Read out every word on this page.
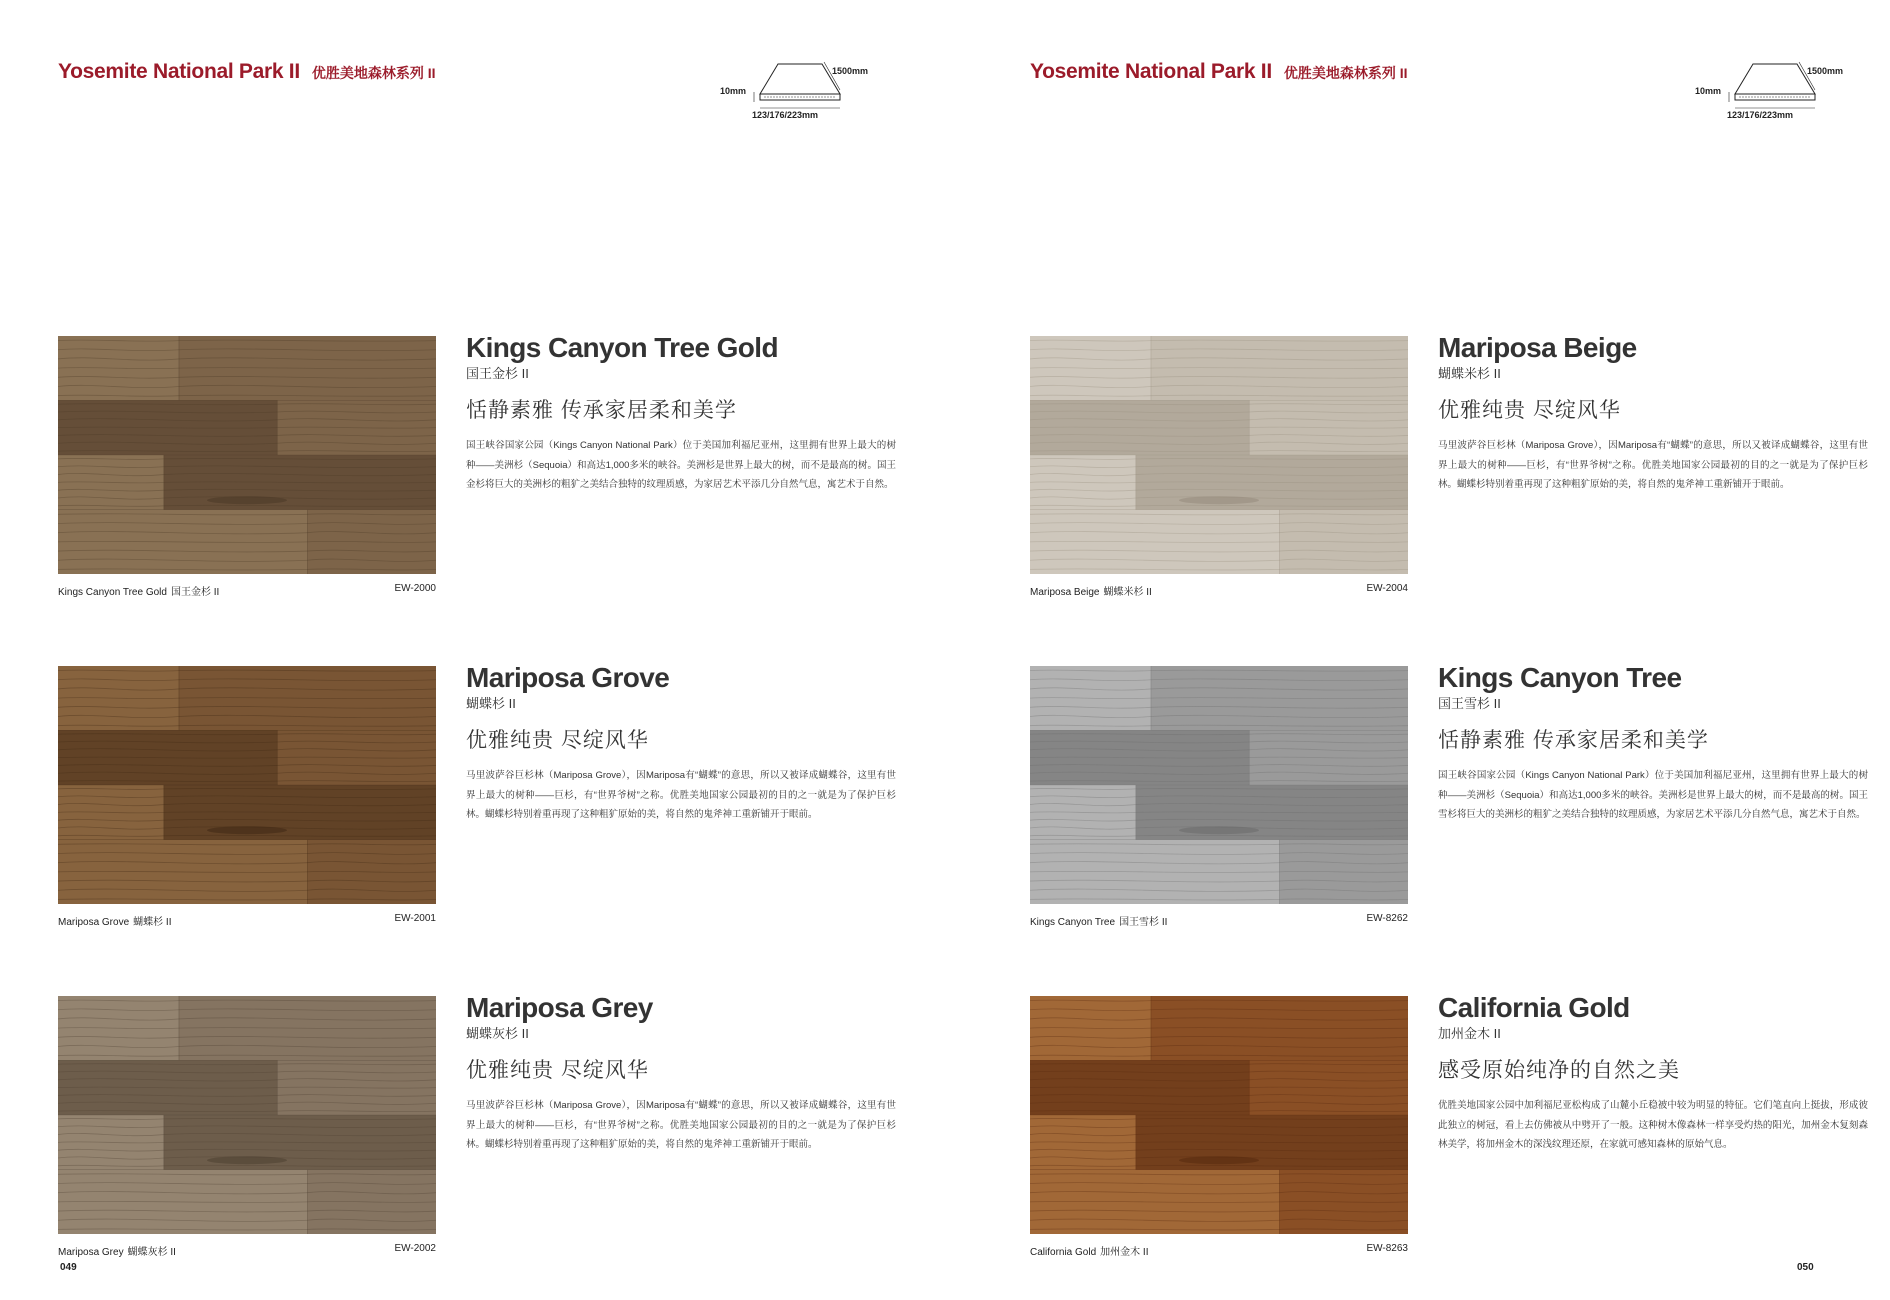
Yosemite National Park II 优胜美地森林系列 II	1500mm
10mm
123/176/223mm
Kings Canyon Tree Gold 国王金杉 II	EW-2000
Kings Canyon Tree Gold
国王金杉 II
恬静素雅 传承家居柔和美学
国王峡谷国家公园（Kings Canyon National Park）位于美国加利福尼亚州，这里拥有世界上最大的树种——美洲杉（Sequoia）和高达1,000多米的峡谷。美洲杉是世界上最大的树，而不是最高的树。国王金杉将巨大的美洲杉的粗犷之美结合独特的纹理质感，为家居艺术平添几分自然气息，寓艺术于自然。
Mariposa Grove 蝴蝶杉 II	EW-2001
Mariposa Grove
蝴蝶杉 II
优雅纯贵 尽绽风华
马里波萨谷巨杉林（Mariposa Grove），因Mariposa有“蝴蝶”的意思，所以又被译成蝴蝶谷，这里有世界上最大的树种——巨杉，有“世界爷树”之称。优胜美地国家公园最初的目的之一就是为了保护巨杉林。蝴蝶杉特别着重再现了这种粗犷原始的美，将自然的鬼斧神工重新铺开于眼前。
Mariposa Grey 蝴蝶灰杉 II	EW-2002
Mariposa Grey
蝴蝶灰杉 II
优雅纯贵 尽绽风华
马里波萨谷巨杉林（Mariposa Grove），因Mariposa有“蝴蝶”的意思，所以又被译成蝴蝶谷，这里有世界上最大的树种——巨杉，有“世界爷树”之称。优胜美地国家公园最初的目的之一就是为了保护巨杉林。蝴蝶杉特别着重再现了这种粗犷原始的美，将自然的鬼斧神工重新铺开于眼前。
049
Yosemite National Park II 优胜美地森林系列 II	1500mm
10mm
123/176/223mm
Mariposa Beige 蝴蝶米杉 II	EW-2004
Mariposa Beige
蝴蝶米杉 II
优雅纯贵 尽绽风华
马里波萨谷巨杉林（Mariposa Grove），因Mariposa有“蝴蝶”的意思，所以又被译成蝴蝶谷，这里有世界上最大的树种——巨杉，有“世界爷树”之称。优胜美地国家公园最初的目的之一就是为了保护巨杉林。蝴蝶杉特别着重再现了这种粗犷原始的美，将自然的鬼斧神工重新铺开于眼前。
Kings Canyon Tree 国王雪杉 II	EW-8262
Kings Canyon Tree
国王雪杉 II
恬静素雅 传承家居柔和美学
国王峡谷国家公园（Kings Canyon National Park）位于美国加利福尼亚州，这里拥有世界上最大的树种——美洲杉（Sequoia）和高达1,000多米的峡谷。美洲杉是世界上最大的树，而不是最高的树。国王雪杉将巨大的美洲杉的粗犷之美结合独特的纹理质感，为家居艺术平添几分自然气息，寓艺术于自然。
California Gold 加州金木 II	EW-8263
California Gold
加州金木 II
感受原始纯净的自然之美
优胜美地国家公园中加利福尼亚松构成了山麓小丘稳被中较为明显的特征。它们笔直向上挺拔，形成彼此独立的树冠，看上去仿佛被从中劈开了一般。这种树木像森林一样享受灼热的阳光，加州金木复刻森林美学，将加州金木的深浅纹理还原，在家就可感知森林的原始气息。
050
